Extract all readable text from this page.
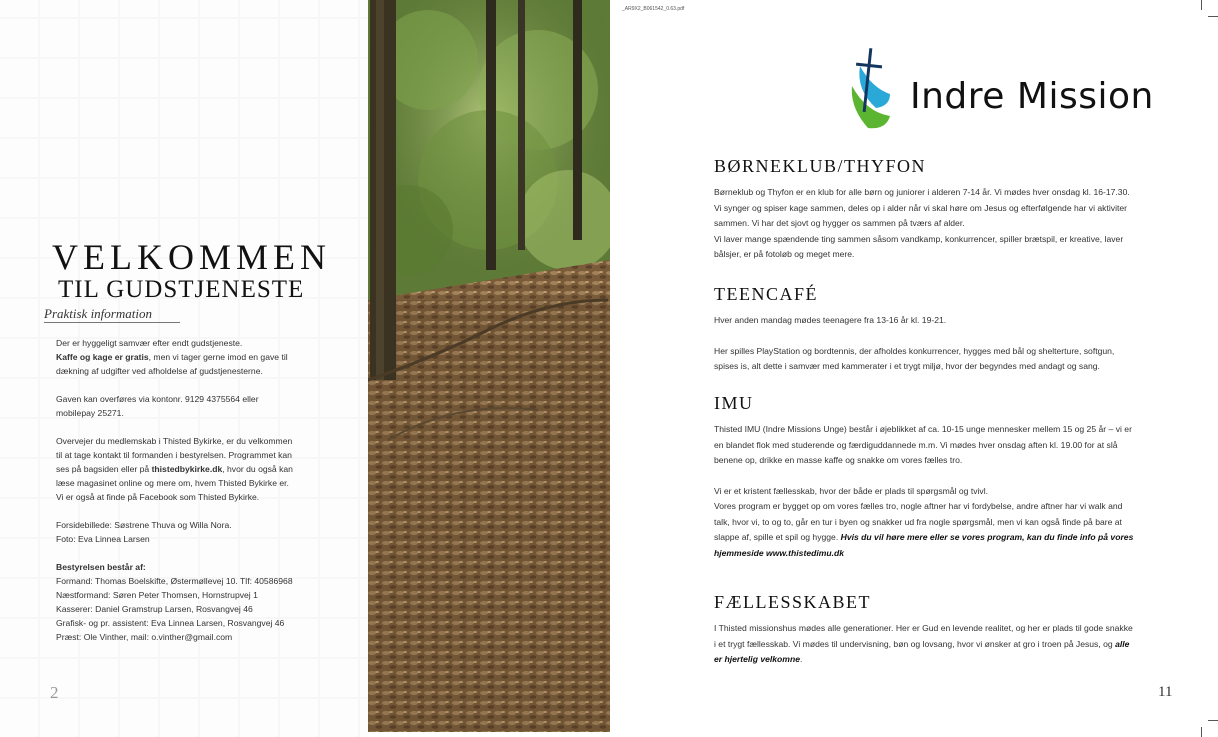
VELKOMMEN
TIL GUDSTJENESTE
Praktisk information

Der er hyggeligt samvær efter endt gudstjeneste.

Kaffe og kage er gratis, men vi tager gerne imod en gave til dækning af udgifter ved afholdelse af gudstjenesterne.

Gaven kan overføres via kontonr. 9129 4375564 eller mobilepay 25271.

Overvejer du medlemskab i Thisted Bykirke, er du velkommen til at tage kontakt til formanden i bestyrelsen. Programmet kan ses på bagsiden eller på thistedbykirke.dk, hvor du også kan læse magasinet online og mere om, hvem Thisted Bykirke er. Vi er også at finde på Facebook som Thisted Bykirke.

Forsidebillede: Søstrene Thuva og Willa Nora.

Foto: Eva Linnea Larsen

Bestyrelsen består af:

Formand: Thomas Boelskifte, Østermøllevej 10. Tlf: 40586968

Næstformand: Søren Peter Thomsen, Hornstrupvej 1

Kasserer: Daniel Gramstrup Larsen, Rosvangvej 46

Grafisk- og pr. assistent: Eva Linnea Larsen, Rosvangvej 46

Præst: Ole Vinther, mail: o.vinther@gmail.com

2
_AR9X2_B061542_0.63.pdf
Indre Mission
BØRNEKLUB/THYFON

Børneklub og Thyfon er en klub for alle børn og juniorer i alderen 7-14 år. Vi mødes hver onsdag kl. 16-17.30. Vi synger og spiser kage sammen, deles op i alder når vi skal høre om Jesus og efterfølgende har vi aktiviter sammen. Vi har det sjovt og hygger os sammen på tværs af alder.

Vi laver mange spændende ting sammen såsom vandkamp, konkurrencer, spiller brætspil, er kreative, laver bålsjer, er på fotoløb og meget mere.

TEENCAFÉ

Hver anden mandag mødes teenagere fra 13-16 år kl. 19-21.

Her spilles PlayStation og bordtennis, der afholdes konkurrencer, hygges med bål og shelterture, softgun, spises is, alt dette i samvær med kammerater i et trygt miljø, hvor der begyndes med andagt og sang.

IMU

Thisted IMU (Indre Missions Unge) består i øjeblikket af ca. 10-15 unge mennesker mellem 15 og 25 år – vi er en blandet flok med studerende og færdiguddannede m.m. Vi mødes hver onsdag aften kl. 19.00 for at slå benene op, drikke en masse kaffe og snakke om vores fælles tro.

Vi er et kristent fællesskab, hvor der både er plads til spørgsmål og tvivl.

Vores program er bygget op om vores fælles tro, nogle aftner har vi fordybelse, andre aftner har vi walk and talk, hvor vi, to og to, går en tur i byen og snakker ud fra nogle spørgsmål, men vi kan også finde på bare at slappe af, spille et spil og hygge. Hvis du vil høre mere eller se vores program, kan du finde info på vores hjemmeside www.thistedimu.dk

FÆLLESSKABET

I Thisted missionshus mødes alle generationer. Her er Gud en levende realitet, og her er plads til gode snakke i et trygt fællesskab. Vi mødes til undervisning, bøn og lovsang, hvor vi ønsker at gro i troen på Jesus, og alle er hjertelig velkomne.

11
